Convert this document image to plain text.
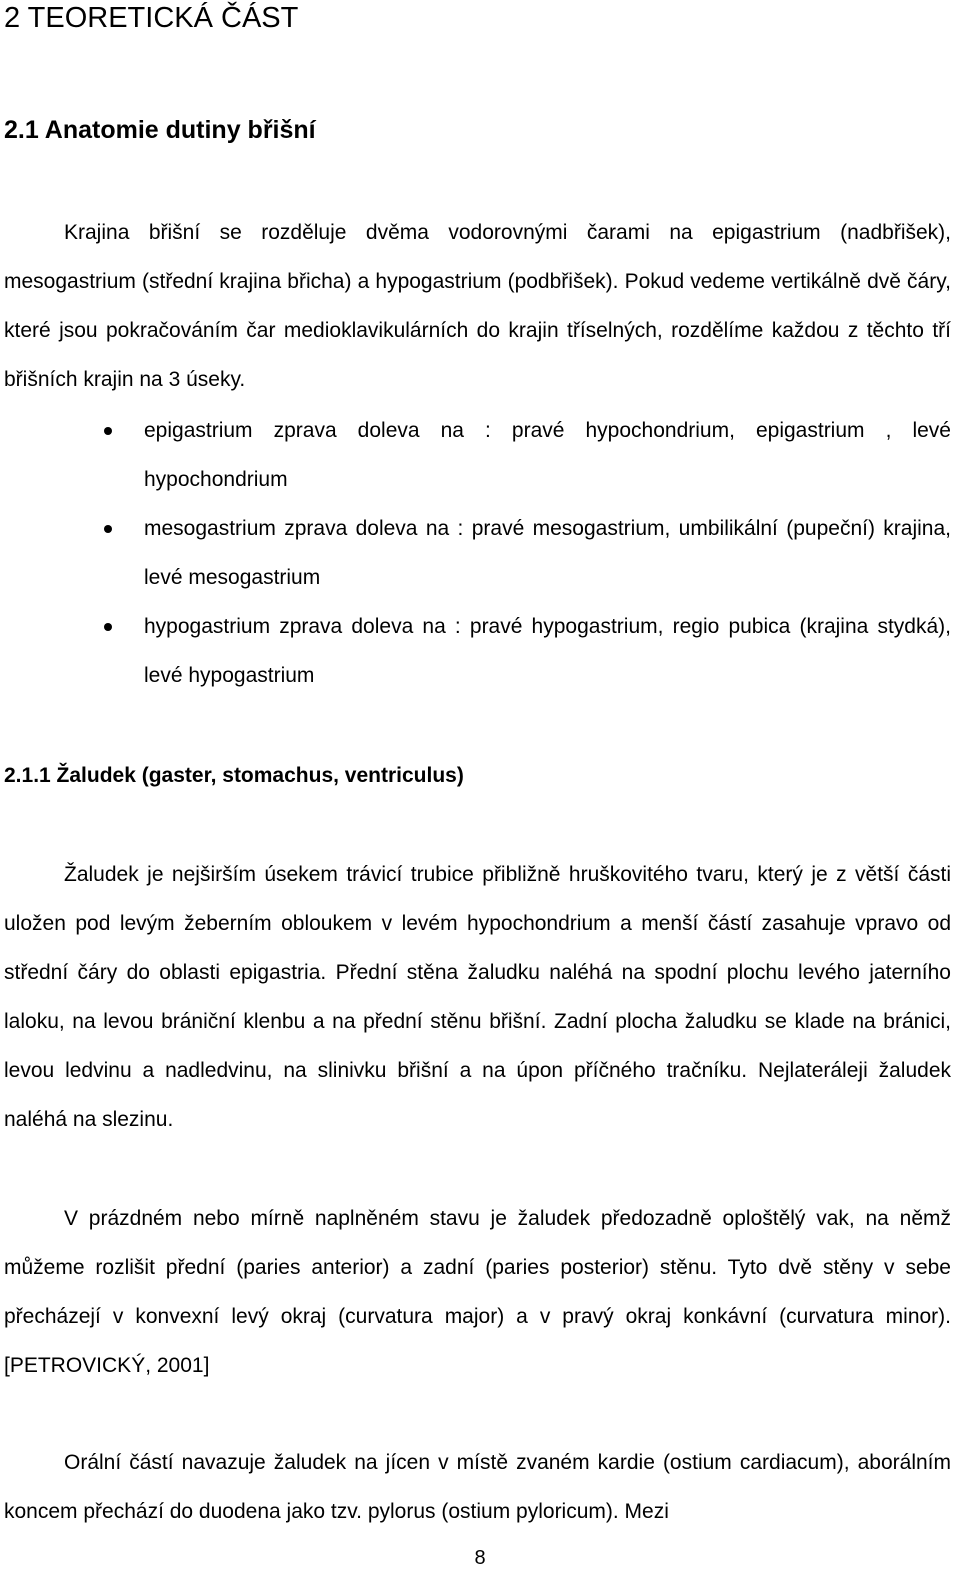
2 TEORETICKÁ ČÁST
2.1 Anatomie dutiny břišní

Krajina břišní se rozděluje dvěma vodorovnými čarami na epigastrium (nadbřišek), mesogastrium (střední krajina břicha) a hypogastrium (podbřišek). Pokud vedeme vertikálně dvě čáry, které jsou pokračováním čar medioklavikulárních do krajin tříselných, rozdělíme každou z těchto tří břišních krajin na 3 úseky.

epigastrium zprava doleva na : pravé hypochondrium, epigastrium , levé hypochondrium
mesogastrium zprava doleva na : pravé mesogastrium, umbilikální (pupeční) krajina, levé mesogastrium
hypogastrium zprava doleva na : pravé hypogastrium, regio pubica (krajina stydká), levé hypogastrium
2.1.1 Žaludek (gaster, stomachus, ventriculus)

Žaludek je nejširším úsekem trávicí trubice přibližně hruškovitého tvaru, který je z větší části uložen pod levým žeberním obloukem v levém hypochondrium a menší částí zasahuje vpravo od střední čáry do oblasti epigastria. Přední stěna žaludku naléhá na spodní plochu levého jaterního laloku, na levou brániční klenbu a na přední stěnu břišní. Zadní plocha žaludku se klade na bránici, levou ledvinu a nadledvinu, na slinivku břišní a na úpon příčného tračníku. Nejlateráleji žaludek naléhá na slezinu.

V prázdném nebo mírně naplněném stavu je žaludek předozadně oploštělý vak, na němž můžeme rozlišit přední (paries anterior) a zadní (paries posterior) stěnu. Tyto dvě stěny v sebe přecházejí v konvexní levý okraj (curvatura major) a v pravý okraj konkávní (curvatura minor). [PETROVICKÝ, 2001]

Orální částí navazuje žaludek na jícen v místě zvaném kardie (ostium cardiacum), aborálním koncem přechází do duodena jako tzv. pylorus (ostium pyloricum). Mezi

8
